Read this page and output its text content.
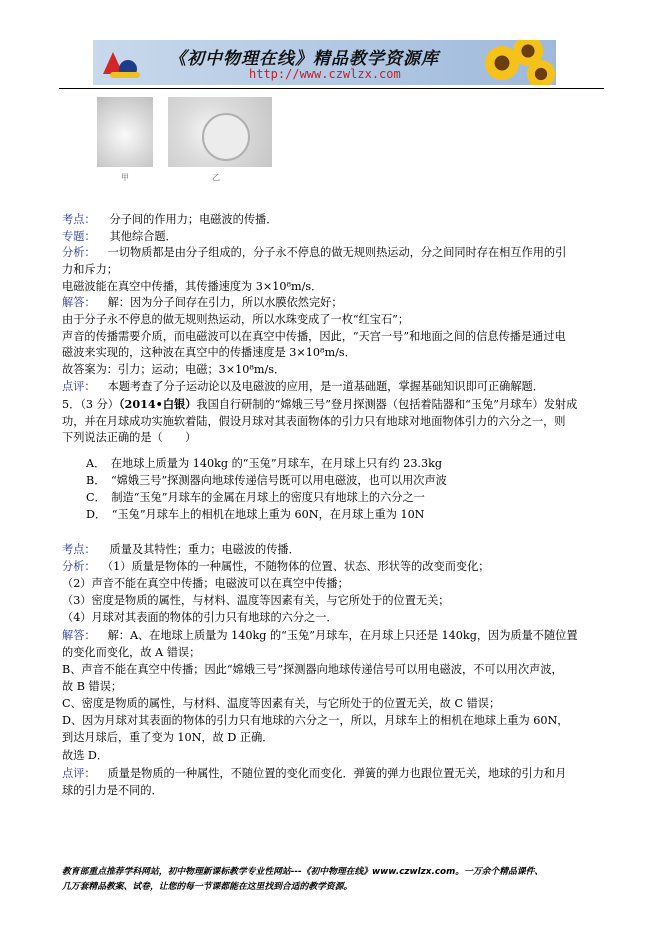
《初中物理在线》精品教学资源库
http://www.czwlzx.com
甲	乙
考点： 分子间的作用力；电磁波的传播．
专题： 其他综合题．
分析： 一切物质都是由分子组成的，分子永不停息的做无规则热运动，分之间同时存在相互作用的引
力和斥力；
电磁波能在真空中传播，其传播速度为 3×10⁸m/s．
解答： 解：因为分子间存在引力，所以水膜依然完好；
由于分子永不停息的做无规则热运动，所以水珠变成了一枚“红宝石”；
声音的传播需要介质，而电磁波可以在真空中传播，因此，“天宫一号”和地面之间的信息传播是通过电
磁波来实现的，这种波在真空中的传播速度是 3×10⁸m/s．
故答案为：引力；运动；电磁；3×10⁸m/s．
点评： 本题考查了分子运动论以及电磁波的应用，是一道基础题，掌握基础知识即可正确解题．
5．（3 分）（2014•白银）我国自行研制的“嫦娥三号”登月探测器（包括着陆器和“玉兔”月球车）发射成
功，并在月球成功实施软着陆，假设月球对其表面物体的引力只有地球对地面物体引力的六分之一，则
下列说法正确的是（　　）
A．　在地球上质量为 140kg 的“玉兔”月球车，在月球上只有约 23.3kg
B．　“嫦娥三号”探测器向地球传递信号既可以用电磁波，也可以用次声波
C．　制造“玉兔”月球车的金属在月球上的密度只有地球上的六分之一
D．　“玉兔”月球车上的相机在地球上重为 60N，在月球上重为 10N
考点： 质量及其特性；重力；电磁波的传播．
分析： （1）质量是物体的一种属性，不随物体的位置、状态、形状等的改变而变化；
（2）声音不能在真空中传播；电磁波可以在真空中传播；
（3）密度是物质的属性，与材料、温度等因素有关，与它所处于的位置无关；
（4）月球对其表面的物体的引力只有地球的六分之一．
解答： 解：A、在地球上质量为 140kg 的“玉兔”月球车，在月球上只还是 140kg，因为质量不随位置
的变化而变化，故 A 错误；
B、声音不能在真空中传播；因此“嫦娥三号”探测器向地球传递信号可以用电磁波，不可以用次声波，
故 B 错误；
C、密度是物质的属性，与材料、温度等因素有关，与它所处于的位置无关，故 C 错误；
D、因为月球对其表面的物体的引力只有地球的六分之一，所以，月球车上的相机在地球上重为 60N，
到达月球后，重了变为 10N，故 D 正确．
故选 D．
点评： 质量是物质的一种属性，不随位置的变化而变化．弹簧的弹力也跟位置无关，地球的引力和月
球的引力是不同的．
教育部重点推荐学科网站，初中物理新课标教学专业性网站---《初中物理在线》www.czwlzx.com。一万余个精品课件、
几万套精品教案、试卷，让您的每一节课都能在这里找到合适的教学资源。
